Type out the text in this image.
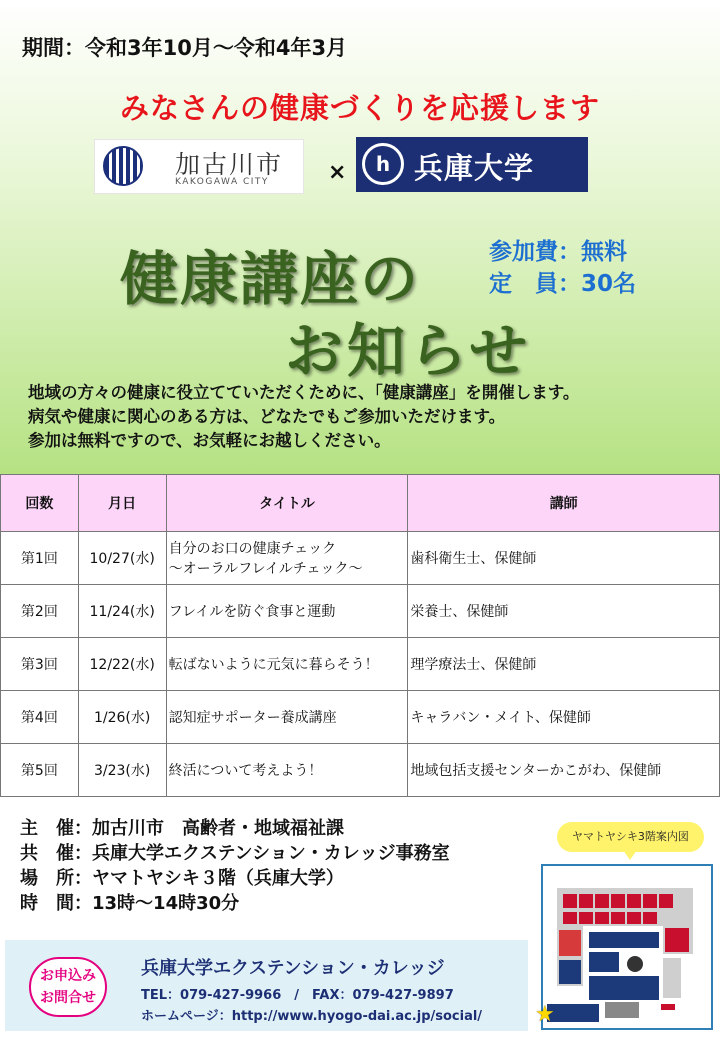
期間：令和3年10月～令和4年3月
みなさんの健康づくりを応援します
加古川市
KAKOGAWA CITY	×	h 兵庫大学
健康講座の
お知らせ
参加費：無料
定　員：30名
地域の方々の健康に役立てていただくために、「健康講座」を開催します。
病気や健康に関心のある方は、どなたでもご参加いただけます。
参加は無料ですので、お気軽にお越しください。
回数	月日	タイトル	講師
第1回	10/27(水)	自分のお口の健康チェック
～オーラルフレイルチェック～	歯科衛生士、保健師
第2回	11/24(水)	フレイルを防ぐ食事と運動	栄養士、保健師
第3回	12/22(水)	転ばないように元気に暮らそう！	理学療法士、保健師
第4回	1/26(水)	認知症サポーター養成講座	キャラバン・メイト、保健師
第5回	3/23(水)	終活について考えよう！	地域包括支援センターかこがわ、保健師
主　催：加古川市　高齢者・地域福祉課
共　催：兵庫大学エクステンション・カレッジ事務室
場　所：ヤマトヤシキ３階（兵庫大学）
時　間：13時～14時30分
お申込み
お問合せ
兵庫大学エクステンション・カレッジ
TEL：079-427-9966　/　FAX：079-427-9897
ホームページ：http://www.hyogo-dai.ac.jp/social/
ヤマトヤシキ3階案内図
★
